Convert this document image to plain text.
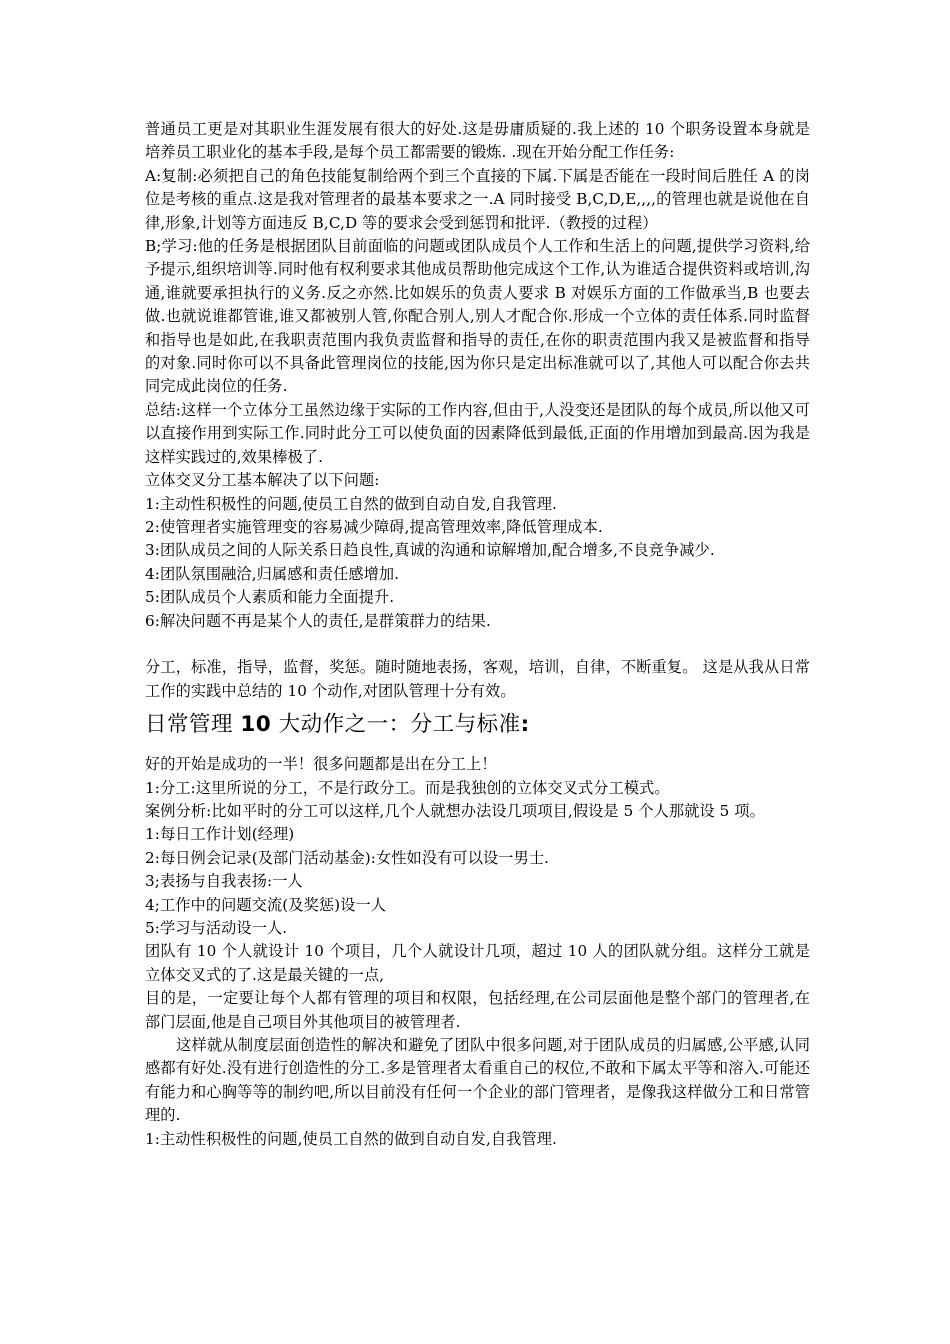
普通员工更是对其职业生涯发展有很大的好处.这是毋庸质疑的.我上述的 10 个职务设置本身就是培养员工职业化的基本手段,是每个员工都需要的锻炼. .现在开始分配工作任务:

A:复制:必须把自己的角色技能复制给两个到三个直接的下属.下属是否能在一段时间后胜任 A 的岗位是考核的重点.这是我对管理者的最基本要求之一.A 同时接受 B,C,D,E,,,,的管理也就是说他在自律,形象,计划等方面违反 B,C,D 等的要求会受到惩罚和批评.（教授的过程）

B;学习:他的任务是根据团队目前面临的问题或团队成员个人工作和生活上的问题,提供学习资料,给予提示,组织培训等.同时他有权利要求其他成员帮助他完成这个工作,认为谁适合提供资料或培训,沟通,谁就要承担执行的义务.反之亦然.比如娱乐的负责人要求 B 对娱乐方面的工作做承当,B 也要去做.也就说谁都管谁,谁又都被别人管,你配合别人,别人才配合你.形成一个立体的责任体系.同时监督和指导也是如此,在我职责范围内我负责监督和指导的责任,在你的职责范围内我又是被监督和指导的对象.同时你可以不具备此管理岗位的技能,因为你只是定出标准就可以了,其他人可以配合你去共同完成此岗位的任务.

总结:这样一个立体分工虽然边缘于实际的工作内容,但由于,人没变还是团队的每个成员,所以他又可以直接作用到实际工作.同时此分工可以使负面的因素降低到最低,正面的作用增加到最高.因为我是这样实践过的,效果棒极了.

立体交叉分工基本解决了以下问题:

1:主动性积极性的问题,使员工自然的做到自动自发,自我管理.

2:使管理者实施管理变的容易减少障碍,提高管理效率,降低管理成本.

3:团队成员之间的人际关系日趋良性,真诚的沟通和谅解增加,配合增多,不良竞争减少.

4:团队氛围融洽,归属感和责任感增加.

5:团队成员个人素质和能力全面提升.

6:解决问题不再是某个人的责任,是群策群力的结果.

分工，标准，指导，监督，奖惩。随时随地表扬，客观，培训，自律，不断重复。 这是从我从日常工作的实践中总结的 10 个动作,对团队管理十分有效。

日常管理 10 大动作之一：分工与标准:

好的开始是成功的一半！很多问题都是出在分工上！

1:分工:这里所说的分工，不是行政分工。而是我独创的立体交叉式分工模式。

案例分析:比如平时的分工可以这样,几个人就想办法设几项项目,假设是 5 个人那就设 5 项。

1:每日工作计划(经理)

2:每日例会记录(及部门活动基金):女性如没有可以设一男士.

3;表扬与自我表扬:一人

4;工作中的问题交流(及奖惩)设一人

5:学习与活动设一人.

团队有 10 个人就设计 10 个项目，几个人就设计几项，超过 10 人的团队就分组。这样分工就是立体交叉式的了.这是最关键的一点,

目的是，一定要让每个人都有管理的项目和权限，包括经理,在公司层面他是整个部门的管理者,在部门层面,他是自己项目外其他项目的被管理者.

这样就从制度层面创造性的解决和避免了团队中很多问题,对于团队成员的归属感,公平感,认同感都有好处.没有进行创造性的分工.多是管理者太看重自己的权位,不敢和下属太平等和溶入.可能还有能力和心胸等等的制约吧,所以目前没有任何一个企业的部门管理者，是像我这样做分工和日常管理的.

1:主动性积极性的问题,使员工自然的做到自动自发,自我管理.
